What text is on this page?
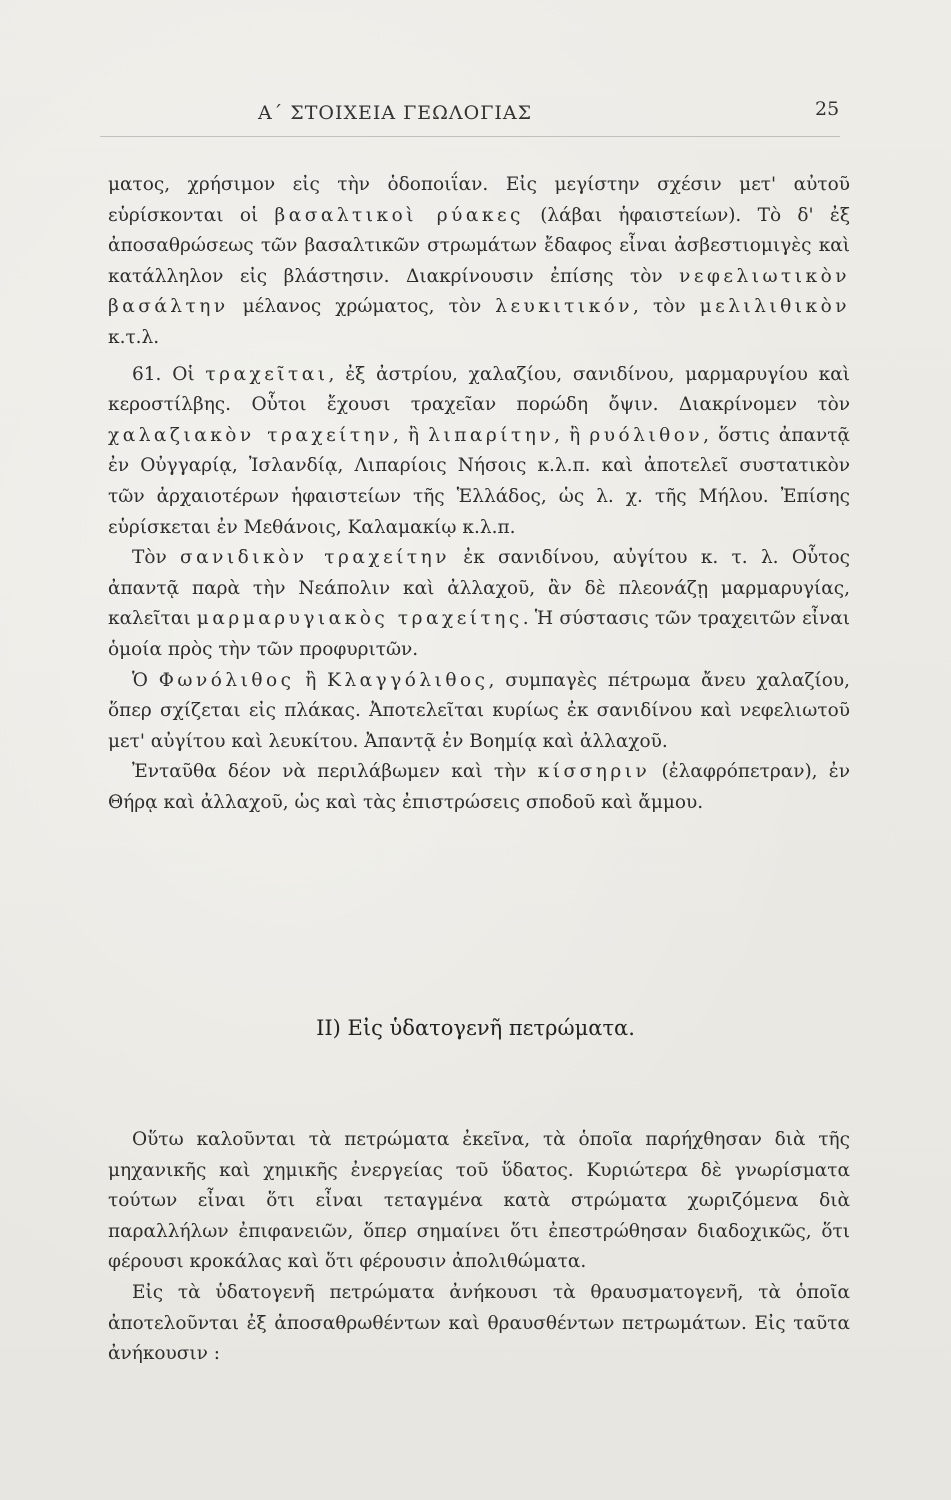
Α΄ ΣΤΟΙΧΕΙΑ ΓΕΩΛΟΓΙΑΣ	25

ματος, χρήσιμον εἰς τὴν ὁδοποιΐαν. Εἰς μεγίστην σχέσιν μετ' αὐτοῦ εὑρίσκονται οἱ βασαλτικοὶ ρύακες (λάβαι ἡφαιστείων). Τὸ δ' ἐξ ἀποσαθρώσεως τῶν βασαλτικῶν στρωμάτων ἔδαφος εἶναι ἀσβεστιομιγὲς καὶ κατάλληλον εἰς βλάστησιν. Διακρίνουσιν ἐπίσης τὸν νεφελιωτικὸν βασάλτην μέλανος χρώματος, τὸν λευκιτικόν, τὸν μελιλιθικὸν κ.τ.λ.

61. Οἱ τραχεῖται, ἐξ ἀστρίου, χαλαζίου, σανιδίνου, μαρμαρυγίου καὶ κεροστίλβης. Οὗτοι ἔχουσι τραχεῖαν πορώδη ὄψιν. Διακρίνομεν τὸν χαλαζιακὸν τραχείτην, ἢ λιπαρίτην, ἢ ρυόλιθον, ὅστις ἀπαντᾷ ἐν Οὐγγαρίᾳ, Ἰσλανδίᾳ, Λιπαρίοις Νήσοις κ.λ.π. καὶ ἀποτελεῖ συστατικὸν τῶν ἀρχαιοτέρων ἡφαιστείων τῆς Ἑλλάδος, ὡς λ. χ. τῆς Μήλου. Ἐπίσης εὑρίσκεται ἐν Μεθάνοις, Καλαμακίῳ κ.λ.π.

Τὸν σανιδικὸν τραχείτην ἐκ σανιδίνου, αὐγίτου κ. τ. λ. Οὗτος ἀπαντᾷ παρὰ τὴν Νεάπολιν καὶ ἀλλαχοῦ, ἂν δὲ πλεονάζῃ μαρμαρυγίας, καλεῖται μαρμαρυγιακὸς τραχείτης. Ἡ σύστασις τῶν τραχειτῶν εἶναι ὁμοία πρὸς τὴν τῶν προφυριτῶν.

Ὁ Φωνόλιθος ἢ Κλαγγόλιθος, συμπαγὲς πέτρωμα ἄνευ χαλαζίου, ὅπερ σχίζεται εἰς πλάκας. Ἀποτελεῖται κυρίως ἐκ σανιδίνου καὶ νεφελιωτοῦ μετ' αὐγίτου καὶ λευκίτου. Ἀπαντᾷ ἐν Βοημίᾳ καὶ ἀλλαχοῦ.

Ἐνταῦθα δέον νὰ περιλάβωμεν καὶ τὴν κίσσηριν (ἐλαφρόπετραν), ἐν Θήρᾳ καὶ ἀλλαχοῦ, ὡς καὶ τὰς ἐπιστρώσεις σποδοῦ καὶ ἄμμου.

ΙΙ) Εἰς ὑδατογενῆ πετρώματα.

Οὕτω καλοῦνται τὰ πετρώματα ἐκεῖνα, τὰ ὁποῖα παρήχθησαν διὰ τῆς μηχανικῆς καὶ χημικῆς ἐνεργείας τοῦ ὕδατος. Κυριώτερα δὲ γνωρίσματα τούτων εἶναι ὅτι εἶναι τεταγμένα κατὰ στρώματα χωριζόμενα διὰ παραλλήλων ἐπιφανειῶν, ὅπερ σημαίνει ὅτι ἐπεστρώθησαν διαδοχικῶς, ὅτι φέρουσι κροκάλας καὶ ὅτι φέρουσιν ἀπολιθώματα.

Εἰς τὰ ὑδατογενῆ πετρώματα ἀνήκουσι τὰ θραυσματογενῆ, τὰ ὁποῖα ἀποτελοῦνται ἐξ ἀποσαθρωθέντων καὶ θραυσθέντων πετρωμάτων. Εἰς ταῦτα ἀνήκουσιν :
